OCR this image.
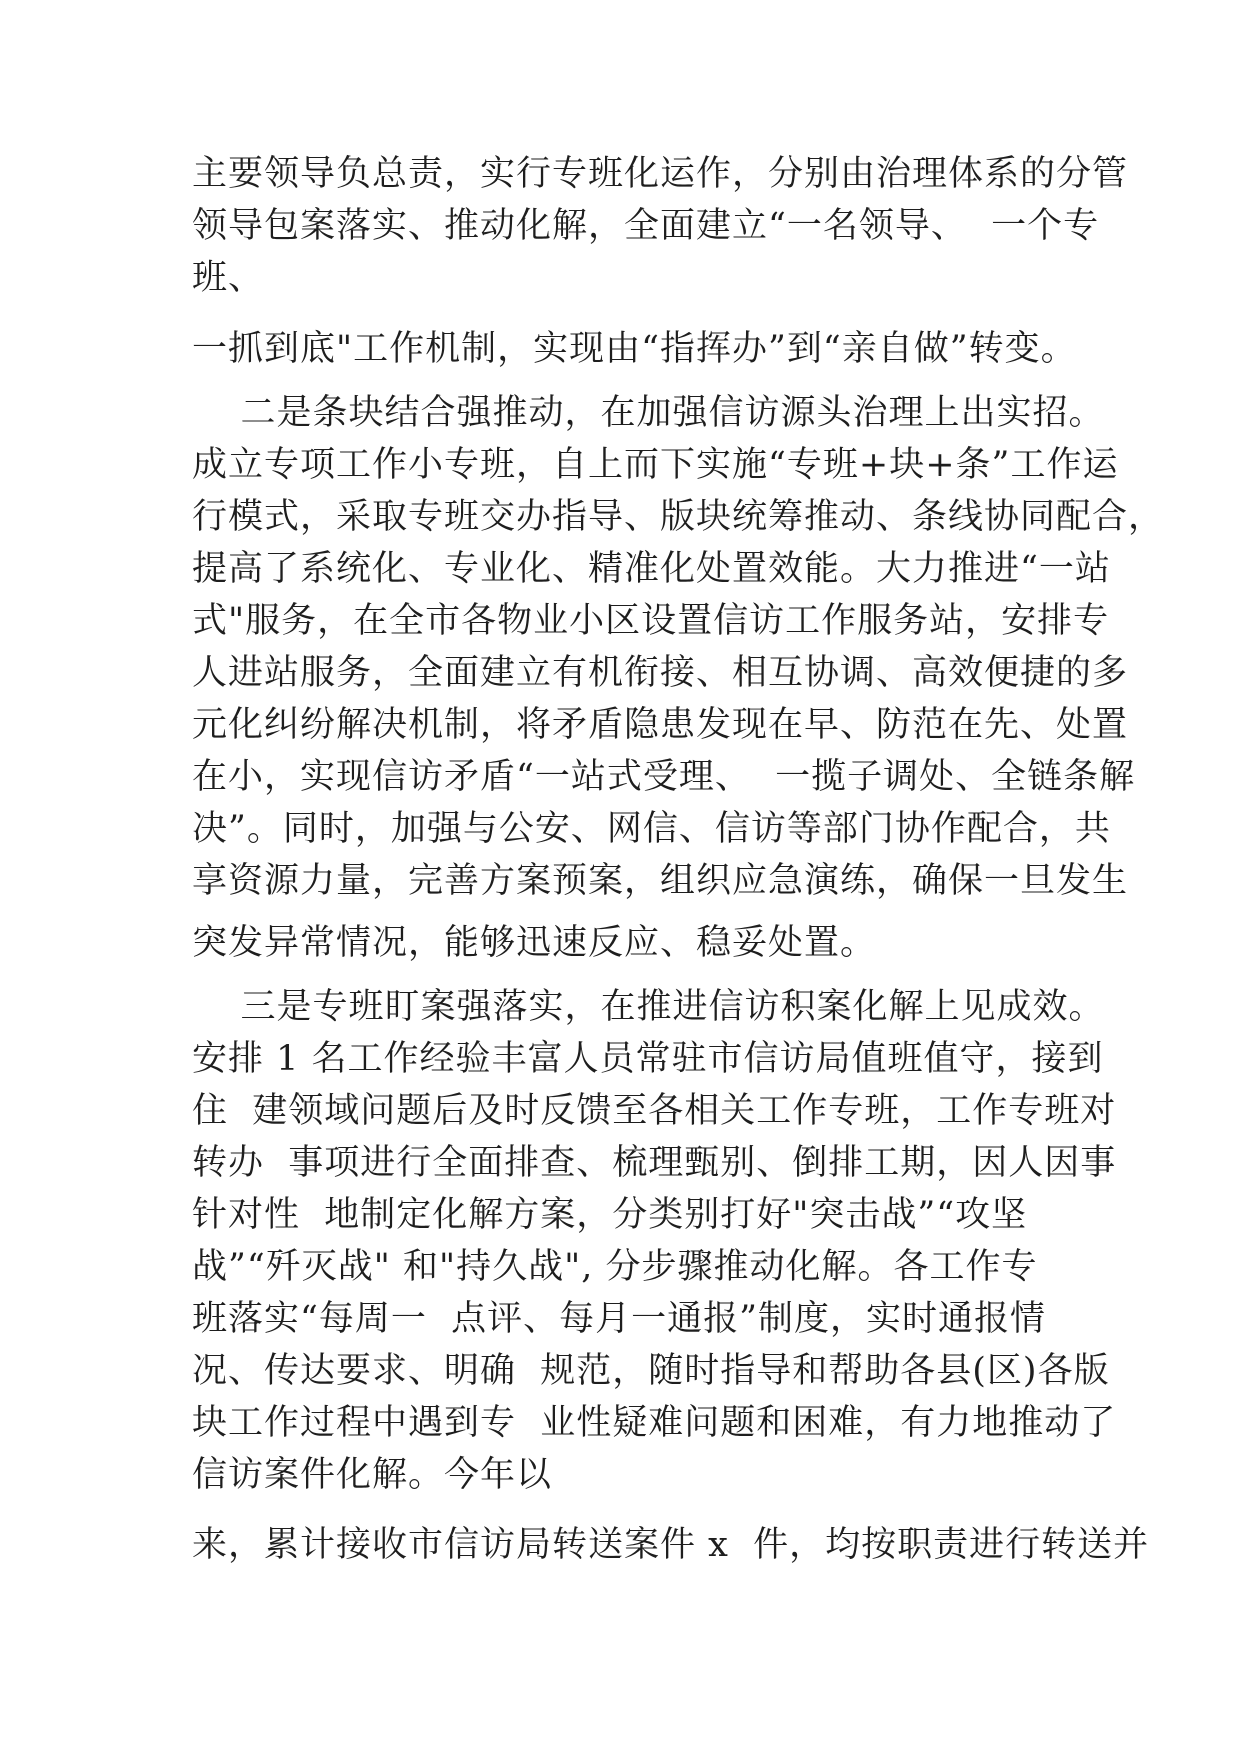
主要领导负总责，实行专班化运作，分别由治理体系的分管
领导包案落实、推动化解，全面建立“一名领导、  一个专
班、
一抓到底"工作机制，实现由“指挥办”到“亲自做”转变。
二是条块结合强推动，在加强信访源头治理上出实招。
成立专项工作小专班，自上而下实施“专班+块+条”工作运
行模式，采取专班交办指导、版块统筹推动、条线协同配合，
提高了系统化、专业化、精准化处置效能。大力推进“一站
式"服务，在全市各物业小区设置信访工作服务站，安排专
人进站服务，全面建立有机衔接、相互协调、高效便捷的多
元化纠纷解决机制，将矛盾隐患发现在早、防范在先、处置
在小，实现信访矛盾“一站式受理、  一揽子调处、全链条解
决”。同时，加强与公安、网信、信访等部门协作配合，共
享资源力量，完善方案预案，组织应急演练，确保一旦发生
突发异常情况，能够迅速反应、稳妥处置。
三是专班盯案强落实，在推进信访积案化解上见成效。
安排 1 名工作经验丰富人员常驻市信访局值班值守，接到
住  建领域问题后及时反馈至各相关工作专班，工作专班对
转办  事项进行全面排查、梳理甄别、倒排工期，因人因事
针对性  地制定化解方案，分类别打好"突击战”“攻坚
战”“歼灭战" 和"持久战", 分步骤推动化解。各工作专
班落实“每周一  点评、每月一通报”制度，实时通报情
况、传达要求、明确  规范，随时指导和帮助各县(区)各版
块工作过程中遇到专  业性疑难问题和困难，有力地推动了
信访案件化解。今年以
来，累计接收市信访局转送案件 x  件，均按职责进行转送并
